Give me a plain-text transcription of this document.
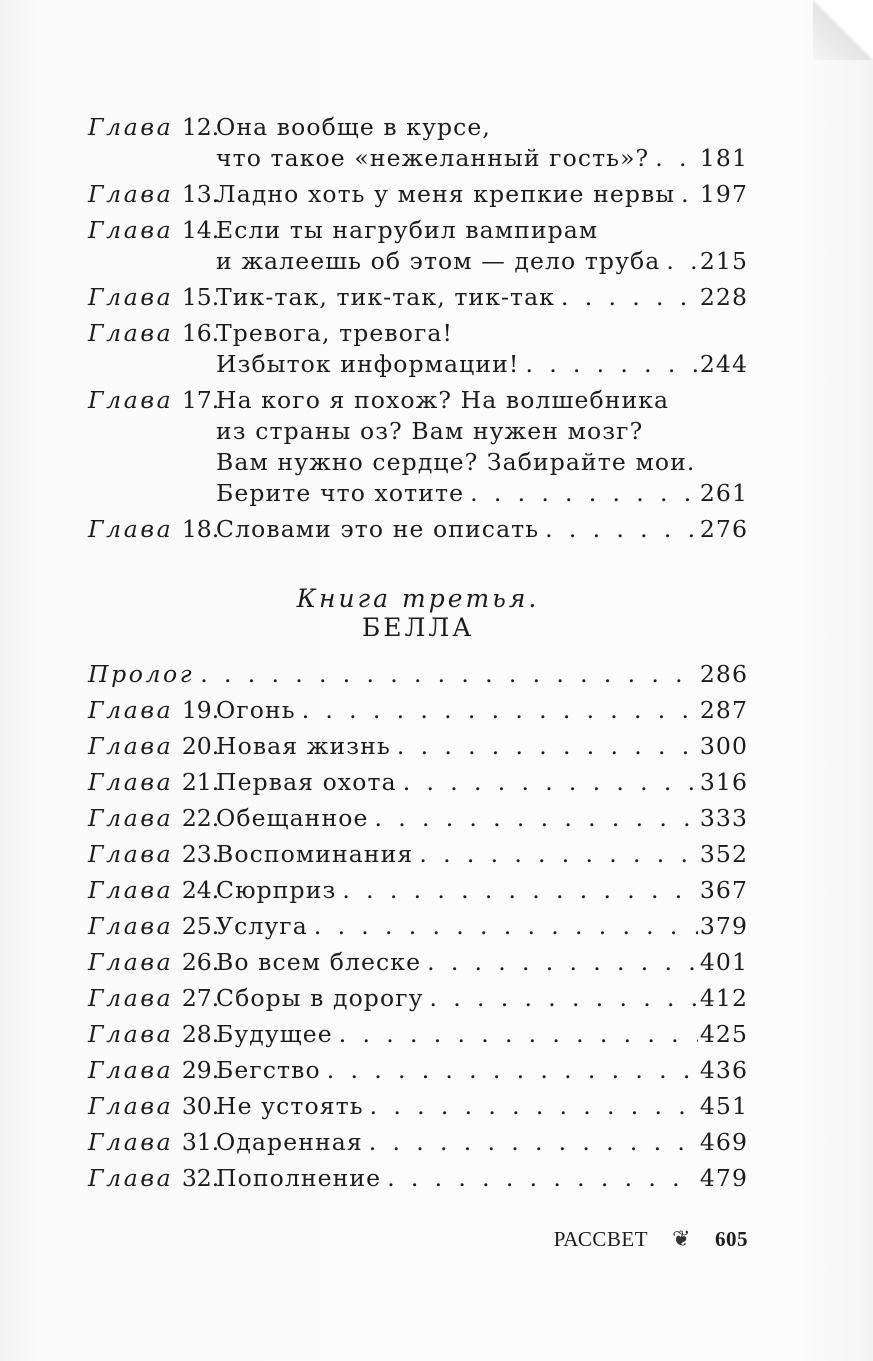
Глава 12.
Она вообще в курсе,
что такое «нежеланный гость»? . . . 181
Глава 13.
Ладно хоть у меня крепкие нервы . . . 197
Глава 14.
Если ты нагрубил вампирам
и жалеешь об этом — дело труба . . . 215
Глава 15.
Тик-так, тик-так, тик-так . . .	228
Глава 16.
Тревога, тревога!
Избыток информации! . . .	244
Глава 17.
На кого я похож? На волшебника
из страны оз? Вам нужен мозг?
Вам нужно сердце? Забирайте мои.
Берите что хотите . . .	261
Глава 18.
Словами это не описать . . .	276
Книга третья.
БЕЛЛА
Пролог . . .	286
Глава 19.
Огонь . . .	287
Глава 20.
Новая жизнь . . .	300
Глава 21.
Первая охота . . .	316
Глава 22.
Обещанное . . .	333
Глава 23.
Воспоминания . . .	352
Глава 24.
Сюрприз . . .	367
Глава 25.
Услуга . . .	379
Глава 26.
Во всем блеске . . .	401
Глава 27.
Сборы в дорогу . . .	412
Глава 28.
Будущее . . .	425
Глава 29.
Бегство . . .	436
Глава 30.
Не устоять . . .	451
Глава 31.
Одаренная . . .	469
Глава 32.
Пополнение . . .	479
РАССВЕТ ❦ 605
